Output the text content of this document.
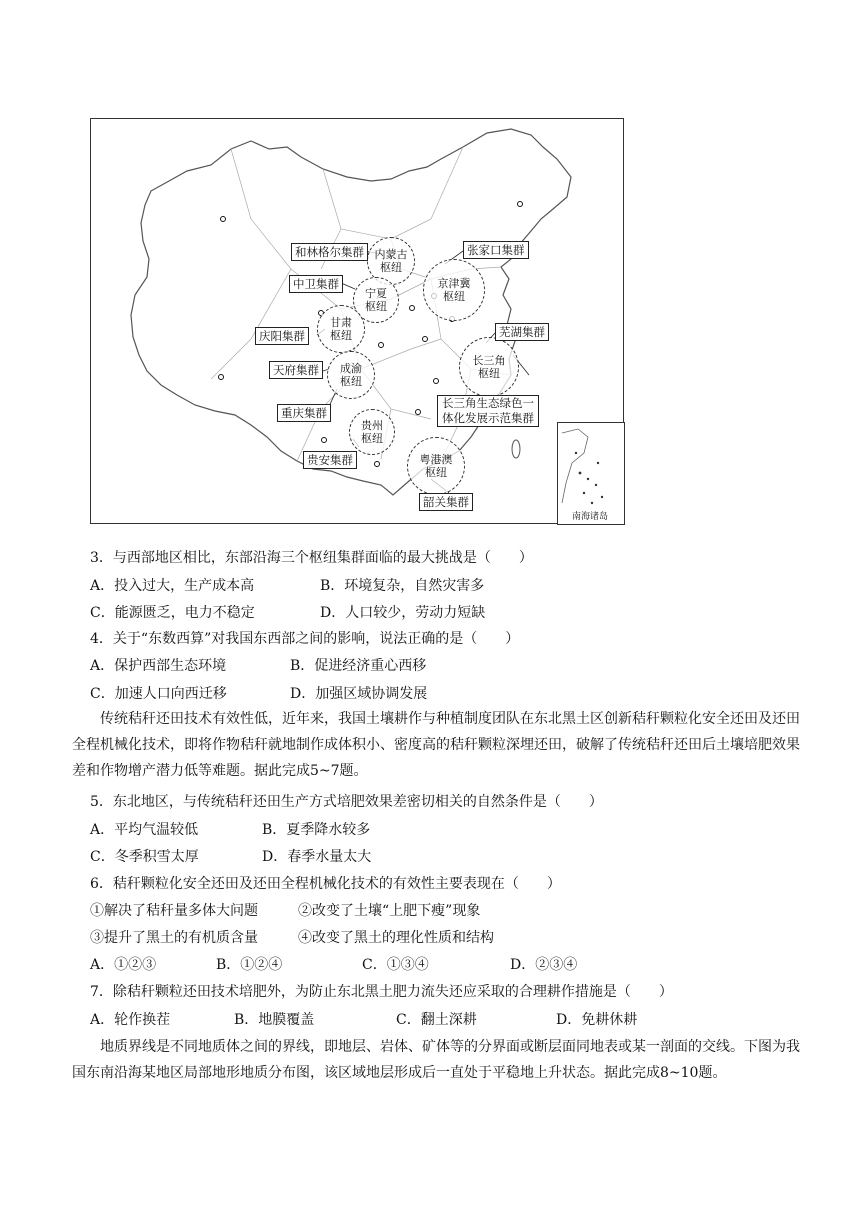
南海诸岛
内蒙古
枢纽
京津冀
枢纽
宁夏
枢纽
甘肃
枢纽
成渝
枢纽
长三角
枢纽
贵州
枢纽
粤港澳
枢纽
和林格尔集群	张家口集群
中卫集群
庆阳集群	芜湖集群
天府集群
重庆集群
长三角生态绿色一体化发展示范集群
贵安集群
韶关集群
3．与西部地区相比，东部沿海三个枢纽集群面临的最大挑战是（　　）
A．投入过大，生产成本高	B．环境复杂，自然灾害多
C．能源匮乏，电力不稳定	D．人口较少，劳动力短缺
4．关于“东数西算”对我国东西部之间的影响，说法正确的是（　　）
A．保护西部生态环境	B．促进经济重心西移
C．加速人口向西迁移	D．加强区域协调发展
传统秸秆还田技术有效性低，近年来，我国土壤耕作与种植制度团队在东北黑土区创新秸秆颗粒化安全还田及还田全程机械化技术，即将作物秸秆就地制作成体积小、密度高的秸秆颗粒深埋还田，破解了传统秸秆还田后土壤培肥效果差和作物增产潜力低等难题。据此完成5~7题。
5．东北地区，与传统秸秆还田生产方式培肥效果差密切相关的自然条件是（　　）
A．平均气温较低	B．夏季降水较多
C．冬季积雪太厚	D．春季水量太大
6．秸秆颗粒化安全还田及还田全程机械化技术的有效性主要表现在（　　）
①解决了秸秆量多体大问题	②改变了土壤“上肥下瘦”现象
③提升了黑土的有机质含量	④改变了黑土的理化性质和结构
A．①②③	B．①②④	C．①③④	D．②③④
7．除秸秆颗粒还田技术培肥外，为防止东北黑土肥力流失还应采取的合理耕作措施是（　　）
A．轮作换茬	B．地膜覆盖	C．翻土深耕	D．免耕休耕
地质界线是不同地质体之间的界线，即地层、岩体、矿体等的分界面或断层面同地表或某一剖面的交线。下图为我国东南沿海某地区局部地形地质分布图，该区域地层形成后一直处于平稳地上升状态。据此完成8~10题。
